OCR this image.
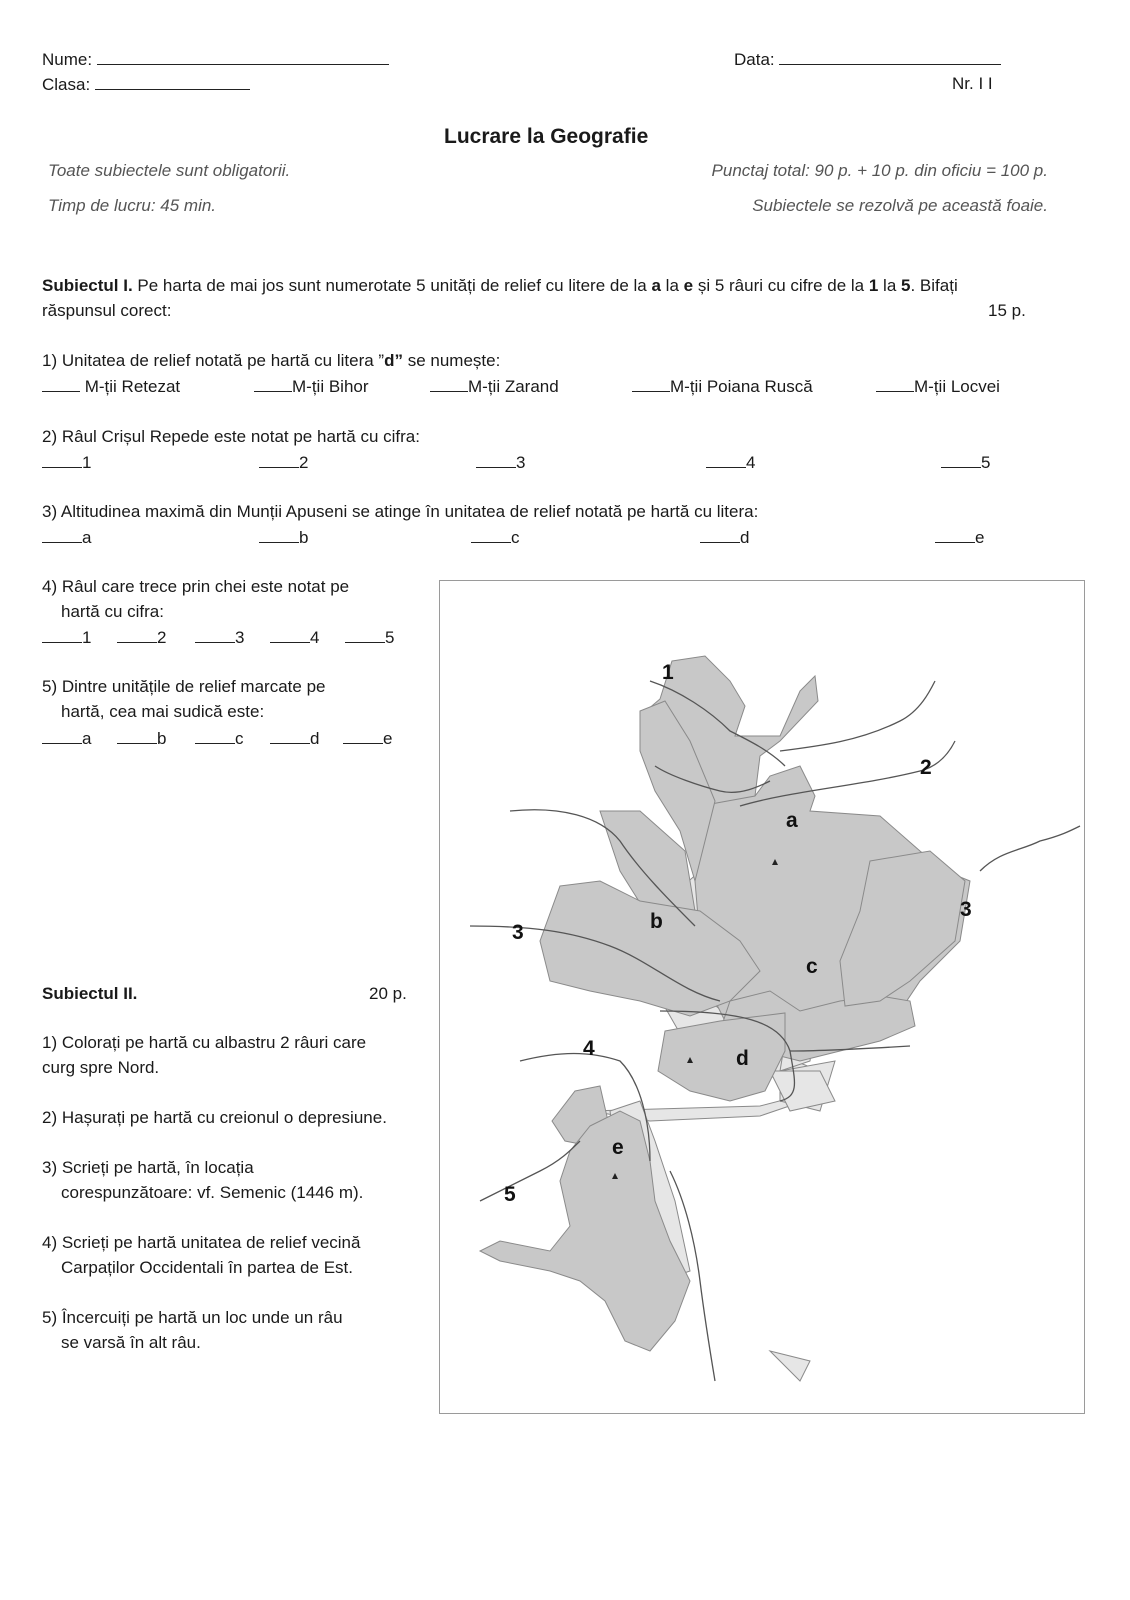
Nume:
Clasa:
Data:
Nr. I I
Lucrare la Geografie
Toate subiectele sunt obligatorii.
Timp de lucru: 45 min.
Punctaj total: 90 p. + 10 p. din oficiu = 100 p.
Subiectele se rezolvă pe această foaie.
Subiectul I. Pe harta de mai jos sunt numerotate 5 unități de relief cu litere de la a la e și 5 râuri cu cifre de la 1 la 5. Bifați
răspunsul corect:	15 p.
1) Unitatea de relief notată pe hartă cu litera ”d” se numește:
M-ții Retezat	M-ții Bihor	M-ții Zarand	M-ții Poiana Ruscă	M-ții Locvei
2) Râul Crișul Repede este notat pe hartă cu cifra:
1	2	3	4	5
3) Altitudinea maximă din Munții Apuseni se atinge în unitatea de relief notată pe hartă cu litera:
a	b	c	d	e
4) Râul care trece prin chei este notat pe
hartă cu cifra:
1	2	3	4	5
5) Dintre unitățile de relief marcate pe
hartă, cea mai sudică este:
a	b	c	d	e
Subiectul II.	20 p.
1) Colorați pe hartă cu albastru 2 râuri care
curg spre Nord.
2) Hașurați pe hartă cu creionul o depresiune.
3) Scrieți pe hartă, în locația
corespunzătoare: vf. Semenic (1446 m).
4) Scrieți pe hartă unitatea de relief vecină
Carpaților Occidentali în partea de Est.
5) Încercuiți pe hartă un loc unde un râu
se varsă în alt râu.
1
2
a
3	b
3
c
4	d
e
5
